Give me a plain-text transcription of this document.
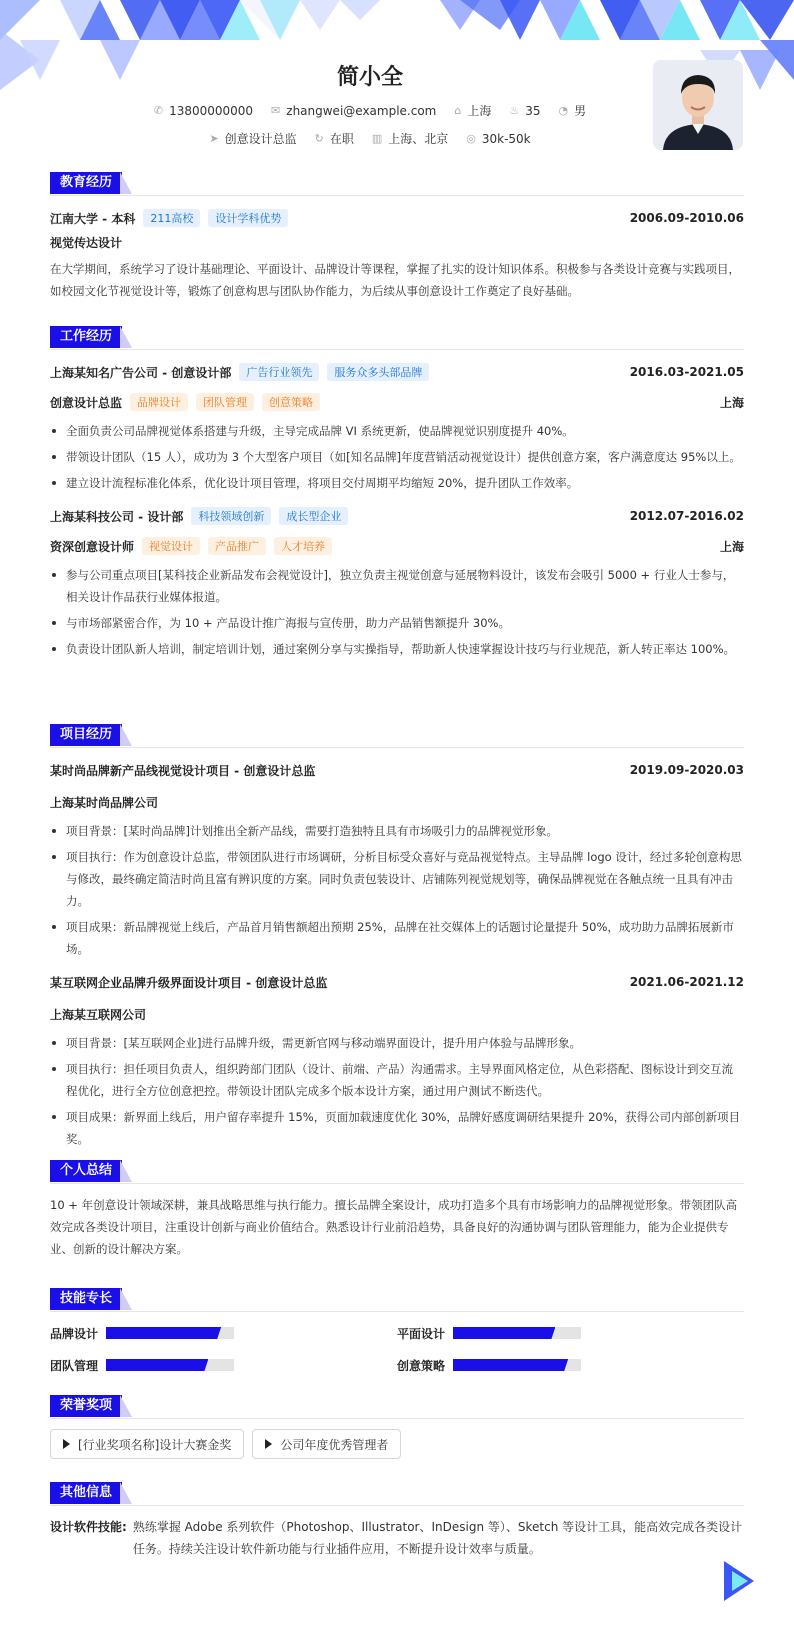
简小全
✆ 13800000000 ✉ zhangwei@example.com ⌂ 上海 ♨ 35 ◔ 男
➤ 创意设计总监 ↻ 在职 ▥ 上海、北京 ◎ 30k-50k
教育经历
江南大学 - 本科	211高校	设计学科优势	2006.09-2010.06
视觉传达设计
在大学期间，系统学习了设计基础理论、平面设计、品牌设计等课程，掌握了扎实的设计知识体系。积极参与各类设计竞赛与实践项目，如校园文化节视觉设计等，锻炼了创意构思与团队协作能力，为后续从事创意设计工作奠定了良好基础。
工作经历
上海某知名广告公司 - 创意设计部	广告行业领先	服务众多头部品牌	2016.03-2021.05
创意设计总监	品牌设计	团队管理	创意策略	上海
全面负责公司品牌视觉体系搭建与升级，主导完成品牌 VI 系统更新，使品牌视觉识别度提升 40%。
带领设计团队（15 人），成功为 3 个大型客户项目（如[知名品牌]年度营销活动视觉设计）提供创意方案，客户满意度达 95%以上。
建立设计流程标准化体系，优化设计项目管理，将项目交付周期平均缩短 20%，提升团队工作效率。
上海某科技公司 - 设计部	科技领域创新	成长型企业	2012.07-2016.02
资深创意设计师	视觉设计	产品推广	人才培养	上海
参与公司重点项目[某科技企业新品发布会视觉设计]，独立负责主视觉创意与延展物料设计，该发布会吸引 5000 + 行业人士参与，相关设计作品获行业媒体报道。
与市场部紧密合作，为 10 + 产品设计推广海报与宣传册，助力产品销售额提升 30%。
负责设计团队新人培训，制定培训计划，通过案例分享与实操指导，帮助新人快速掌握设计技巧与行业规范，新人转正率达 100%。
项目经历
某时尚品牌新产品线视觉设计项目 - 创意设计总监	2019.09-2020.03
上海某时尚品牌公司
项目背景：[某时尚品牌]计划推出全新产品线，需要打造独特且具有市场吸引力的品牌视觉形象。
项目执行：作为创意设计总监，带领团队进行市场调研，分析目标受众喜好与竞品视觉特点。主导品牌 logo 设计，经过多轮创意构思与修改，最终确定简洁时尚且富有辨识度的方案。同时负责包装设计、店铺陈列视觉规划等，确保品牌视觉在各触点统一且具有冲击力。
项目成果：新品牌视觉上线后，产品首月销售额超出预期 25%，品牌在社交媒体上的话题讨论量提升 50%，成功助力品牌拓展新市场。
某互联网企业品牌升级界面设计项目 - 创意设计总监	2021.06-2021.12
上海某互联网公司
项目背景：[某互联网企业]进行品牌升级，需更新官网与移动端界面设计，提升用户体验与品牌形象。
项目执行：担任项目负责人，组织跨部门团队（设计、前端、产品）沟通需求。主导界面风格定位，从色彩搭配、图标设计到交互流程优化，进行全方位创意把控。带领设计团队完成多个版本设计方案，通过用户测试不断迭代。
项目成果：新界面上线后，用户留存率提升 15%，页面加载速度优化 30%，品牌好感度调研结果提升 20%，获得公司内部创新项目奖。
个人总结
10 + 年创意设计领域深耕，兼具战略思维与执行能力。擅长品牌全案设计，成功打造多个具有市场影响力的品牌视觉形象。带领团队高效完成各类设计项目，注重设计创新与商业价值结合。熟悉设计行业前沿趋势，具备良好的沟通协调与团队管理能力，能为企业提供专业、创新的设计解决方案。
技能专长
品牌设计	平面设计
团队管理	创意策略
荣誉奖项
[行业奖项名称]设计大赛金奖	公司年度优秀管理者
其他信息
设计软件技能: 熟练掌握 Adobe 系列软件（Photoshop、Illustrator、InDesign 等）、Sketch 等设计工具，能高效完成各类设计任务。持续关注设计软件新功能与行业插件应用，不断提升设计效率与质量。
